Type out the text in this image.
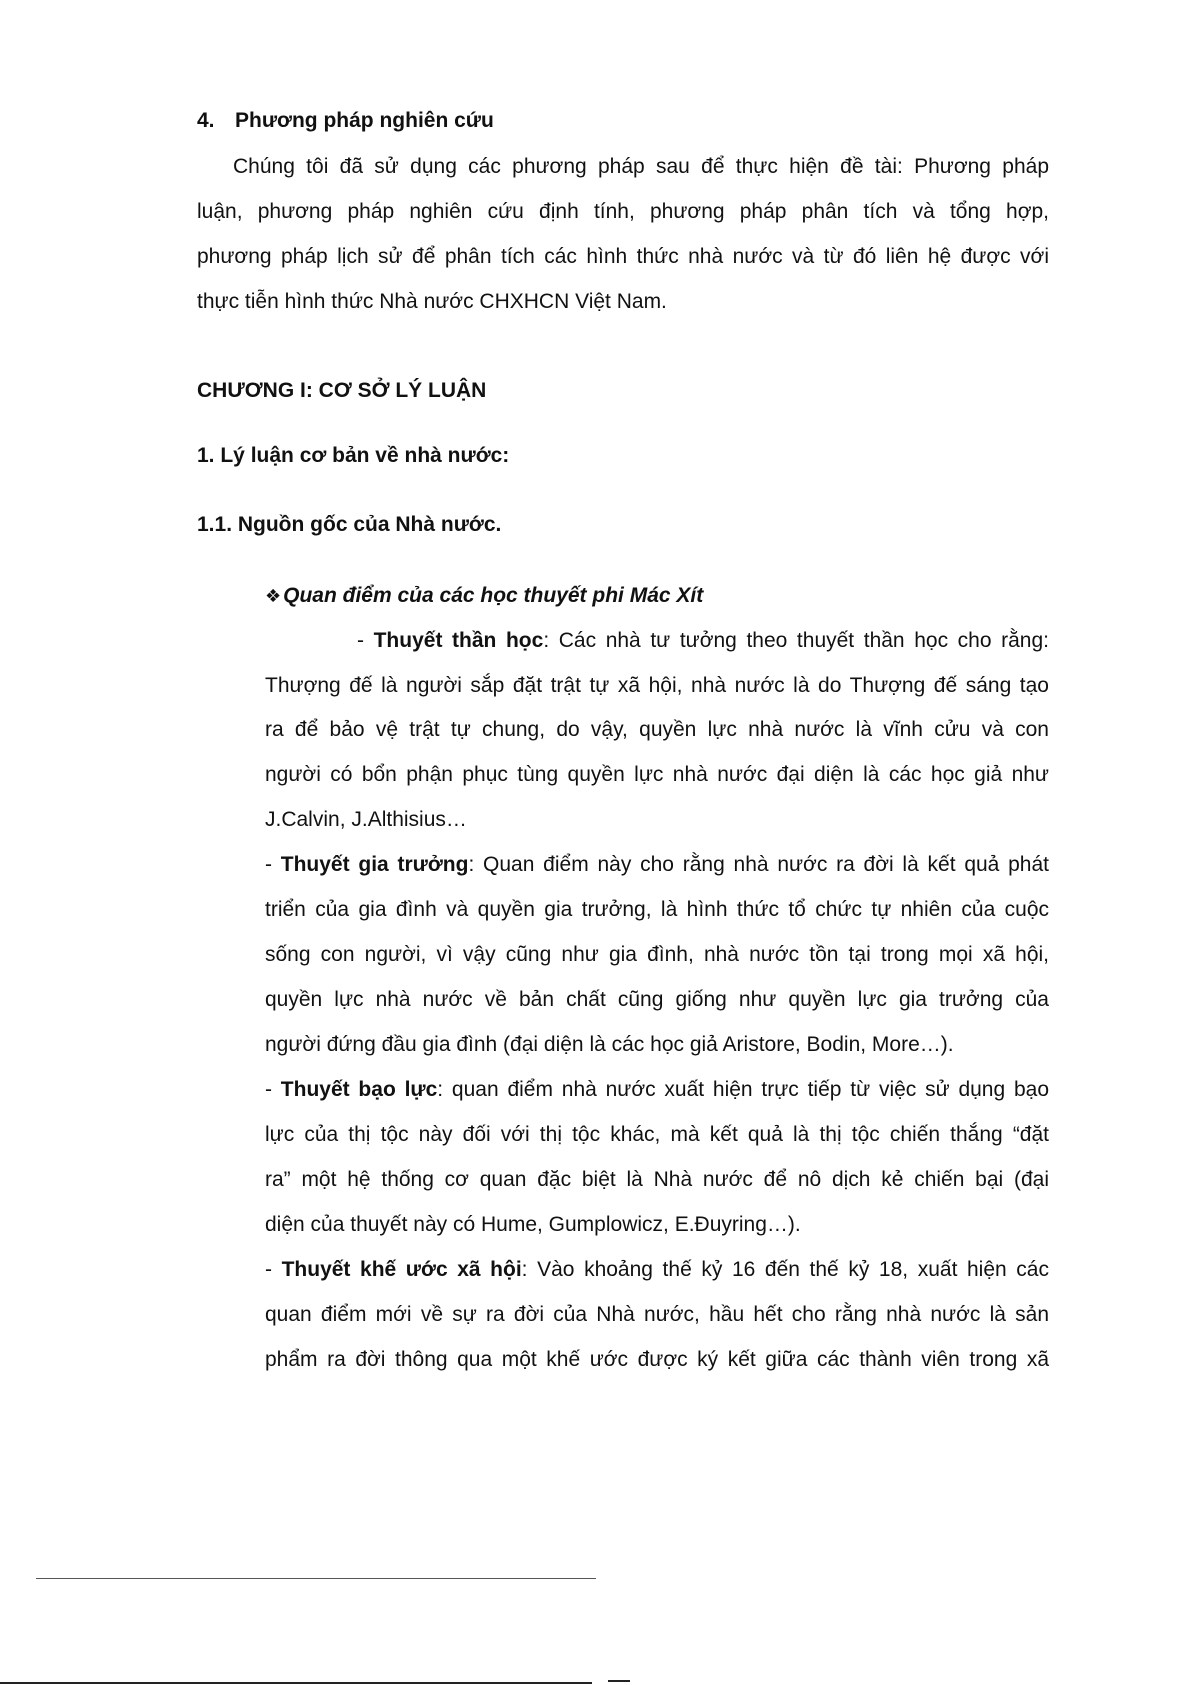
4. Phương pháp nghiên cứu
Chúng tôi đã sử dụng các phương pháp sau để thực hiện đề tài: Phương pháp
luận, phương pháp nghiên cứu định tính, phương pháp phân tích và tổng hợp,
phương pháp lịch sử để phân tích các hình thức nhà nước và từ đó liên hệ được với
thực tiễn hình thức Nhà nước CHXHCN Việt Nam.
CHƯƠNG I: CƠ SỞ LÝ LUẬN
1. Lý luận cơ bản về nhà nước:
1.1. Nguồn gốc của Nhà nước.
❖Quan điểm của các học thuyết phi Mác Xít
- Thuyết thần học: Các nhà tư tưởng theo thuyết thần học cho rằng:
Thượng đế là người sắp đặt trật tự xã hội, nhà nước là do Thượng đế sáng tạo
ra để bảo vệ trật tự chung, do vậy, quyền lực nhà nước là vĩnh cửu và con
người có bổn phận phục tùng quyền lực nhà nước đại diện là các học giả như
J.Calvin, J.Althisius…
- Thuyết gia trưởng: Quan điểm này cho rằng nhà nước ra đời là kết quả phát
triển của gia đình và quyền gia trưởng, là hình thức tổ chức tự nhiên của cuộc
sống con người, vì vậy cũng như gia đình, nhà nước tồn tại trong mọi xã hội,
quyền lực nhà nước về bản chất cũng giống như quyền lực gia trưởng của
người đứng đầu gia đình (đại diện là các học giả Aristore, Bodin, More…).
- Thuyết bạo lực: quan điểm nhà nước xuất hiện trực tiếp từ việc sử dụng bạo
lực của thị tộc này đối với thị tộc khác, mà kết quả là thị tộc chiến thắng “đặt
ra” một hệ thống cơ quan đặc biệt là Nhà nước để nô dịch kẻ chiến bại (đại
diện của thuyết này có Hume, Gumplowicz, E.Đuyring…).
- Thuyết khế ước xã hội: Vào khoảng thế kỷ 16 đến thế kỷ 18, xuất hiện các
quan điểm mới về sự ra đời của Nhà nước, hầu hết cho rằng nhà nước là sản
phẩm ra đời thông qua một khế ước được ký kết giữa các thành viên trong xã
